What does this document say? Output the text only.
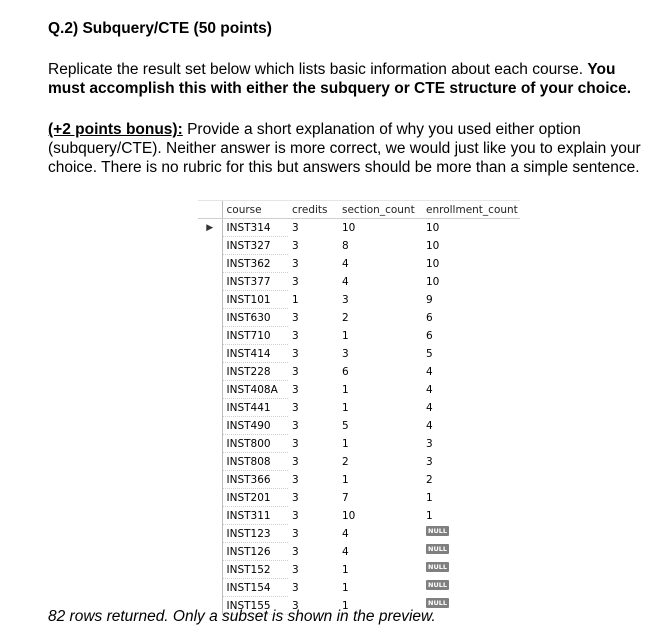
Q.2) Subquery/CTE (50 points)

Replicate the result set below which lists basic information about each course. You must accomplish this with either the subquery or CTE structure of your choice.

(+2 points bonus): Provide a short explanation of why you used either option (subquery/CTE). Neither answer is more correct, we would just like you to explain your choice. There is no rubric for this but answers should be more than a simple sentence.

	course	credits	section_count	enrollment_count
▶	INST314	3	10	10
	INST327	3	8	10
	INST362	3	4	10
	INST377	3	4	10
	INST101	1	3	9
	INST630	3	2	6
	INST710	3	1	6
	INST414	3	3	5
	INST228	3	6	4
	INST408A	3	1	4
	INST441	3	1	4
	INST490	3	5	4
	INST800	3	1	3
	INST808	3	2	3
	INST366	3	1	2
	INST201	3	7	1
	INST311	3	10	1
	INST123	3	4	NULL
	INST126	3	4	NULL
	INST152	3	1	NULL
	INST154	3	1	NULL
	INST155	3	1	NULL

82 rows returned. Only a subset is shown in the preview.
